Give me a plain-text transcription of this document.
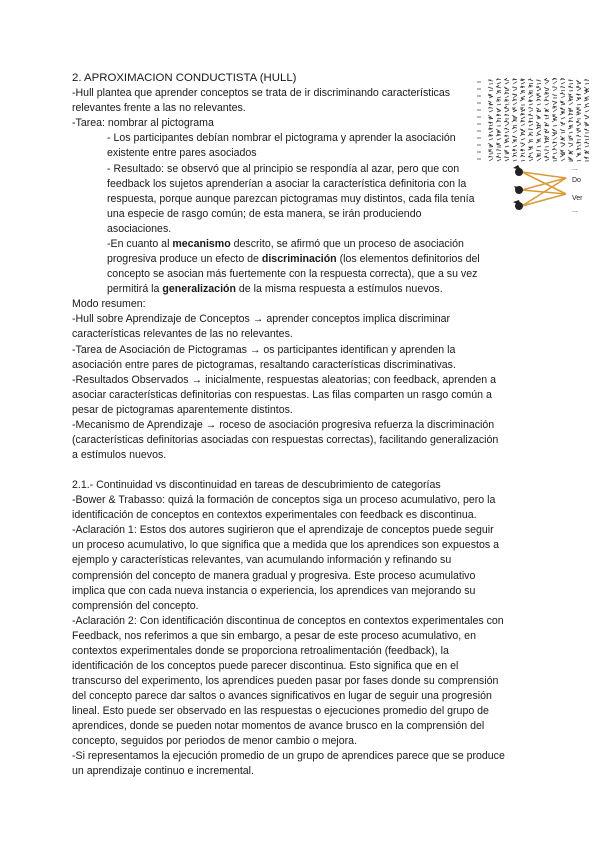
2. APROXIMACION CONDUCTISTA (HULL)
-Hull plantea que aprender conceptos se trata de ir discriminando características
relevantes frente a las no relevantes.
-Tarea: nombrar al pictograma
- Los participantes debían nombrar el pictograma y aprender la asociación
existente entre pares asociados
- Resultado: se observó que al principio se respondía al azar, pero que con
feedback los sujetos aprenderían a asociar la característica definitoria con la
respuesta, porque aunque parezcan pictogramas muy distintos, cada fila tenía
una especie de rasgo común; de esta manera, se irán produciendo
asociaciones.
-En cuanto al mecanismo descrito, se afirmó que un proceso de asociación
progresiva produce un efecto de discriminación (los elementos definitorios del
concepto se asocian más fuertemente con la respuesta correcta), que a su vez
permitirá la generalización de la misma respuesta a estímulos nuevos.
Modo resumen:
-Hull sobre Aprendizaje de Conceptos → aprender conceptos implica discriminar
características relevantes de las no relevantes.
-Tarea de Asociación de Pictogramas → os participantes identifican y aprenden la
asociación entre pares de pictogramas, resaltando características discriminativas.
-Resultados Observados → inicialmente, respuestas aleatorias; con feedback, aprenden a
asociar características definitorias con respuestas. Las filas comparten un rasgo común a
pesar de pictogramas aparentemente distintos.
-Mecanismo de Aprendizaje → roceso de asociación progresiva refuerza la discriminación
(características definitorias asociadas con respuestas correctas), facilitando generalización
a estímulos nuevos.
2.1.- Continuidad vs discontinuidad en tareas de descubrimiento de categorías
-Bower & Trabasso: quizá la formación de conceptos siga un proceso acumulativo, pero la
identificación de conceptos en contextos experimentales con feedback es discontinua.
-Aclaración 1: Estos dos autores sugirieron que el aprendizaje de conceptos puede seguir
un proceso acumulativo, lo que significa que a medida que los aprendices son expuestos a
ejemplo y características relevantes, van acumulando información y refinando su
comprensión del concepto de manera gradual y progresiva. Este proceso acumulativo
implica que con cada nueva instancia o experiencia, los aprendices van mejorando su
comprensión del concepto.
-Aclaración 2: Con identificación discontinua de conceptos en contextos experimentales con
Feedback, nos referimos a que sin embargo, a pesar de este proceso acumulativo, en
contextos experimentales donde se proporciona retroalimentación (feedback), la
identificación de los conceptos puede parecer discontinua. Esto significa que en el
transcurso del experimento, los aprendices pueden pasar por fases donde su comprensión
del concepto parece dar saltos o avances significativos en lugar de seguir una progresión
lineal. Esto puede ser observado en las respuestas o ejecuciones promedio del grupo de
aprendices, donde se pueden notar momentos de avance brusco en la comprensión del
concepto, seguidos por periodos de menor cambio o mejora.
-Si representamos la ejecución promedio de un grupo de aprendices parece que se produce
un aprendizaje continuo e incremental.
...
Do
Ver
...
